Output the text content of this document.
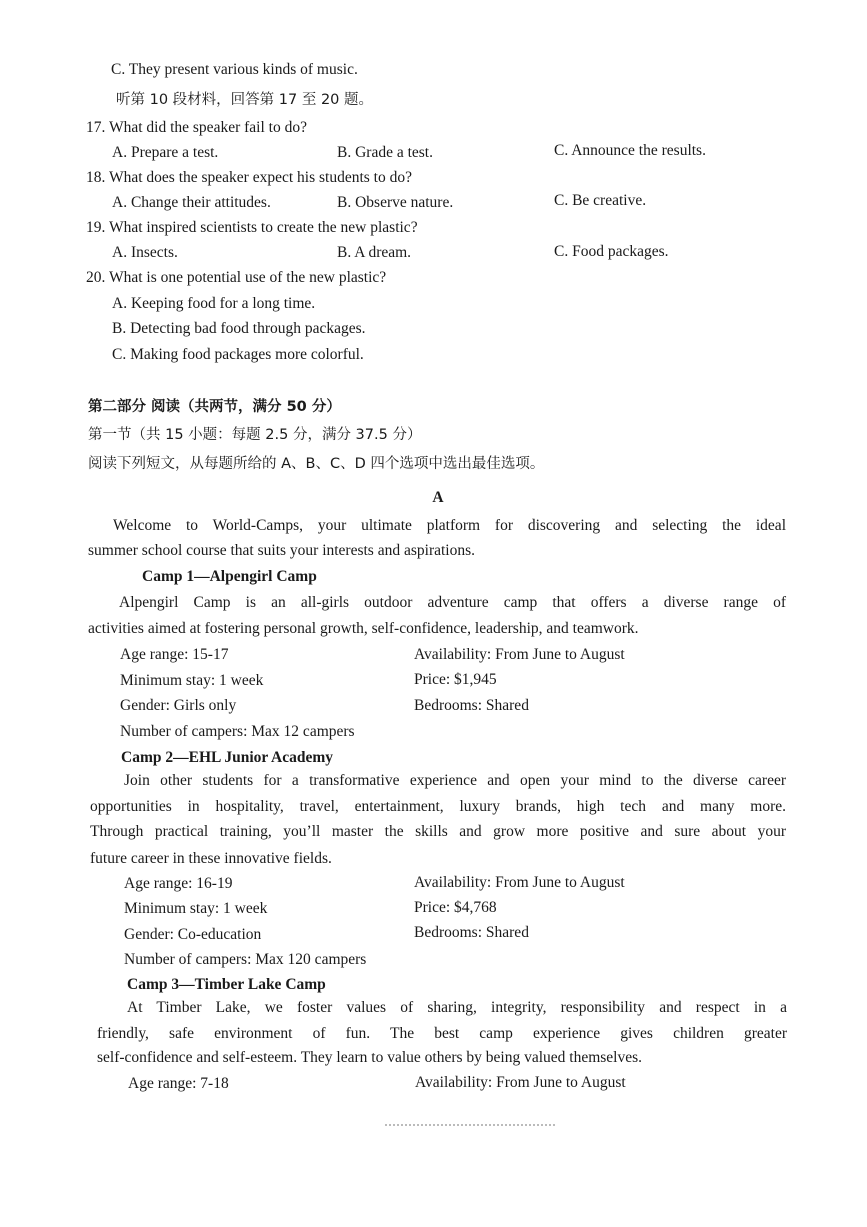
C. They present various kinds of music.
听第 10 段材料，回答第 17 至 20 题。
17. What did the speaker fail to do?
A. Prepare a test.	B. Grade a test.	C. Announce the results.
18. What does the speaker expect his students to do?
A. Change their attitudes.	B. Observe nature.	C. Be creative.
19. What inspired scientists to create the new plastic?
A. Insects.	B. A dream.	C. Food packages.
20. What is one potential use of the new plastic?
A. Keeping food for a long time.
B. Detecting bad food through packages.
C. Making food packages more colorful.
第二部分 阅读（共两节，满分 50 分）
第一节（共 15 小题：每题 2.5 分，满分 37.5 分）
阅读下列短文，从每题所给的 A、B、C、D 四个选项中选出最佳选项。
A
Welcome to World-Camps, your ultimate platform for discovering and selecting the ideal
summer school course that suits your interests and aspirations.
Camp 1—Alpengirl Camp
Alpengirl Camp is an all-girls outdoor adventure camp that offers a diverse range of
activities aimed at fostering personal growth, self-confidence, leadership, and teamwork.
Age range: 15-17	Availability: From June to August
Minimum stay: 1 week	Price: $1,945
Gender: Girls only	Bedrooms: Shared
Number of campers: Max 12 campers
Camp 2—EHL Junior Academy
Join other students for a transformative experience and open your mind to the diverse career
opportunities in hospitality, travel, entertainment, luxury brands, high tech and many more.
Through practical training, you’ll master the skills and grow more positive and sure about your
future career in these innovative fields.
Age range: 16-19	Availability: From June to August
Minimum stay: 1 week	Price: $4,768
Gender: Co-education	Bedrooms: Shared
Number of campers: Max 120 campers
Camp 3—Timber Lake Camp
At Timber Lake, we foster values of sharing, integrity, responsibility and respect in a
friendly, safe environment of fun. The best camp experience gives children greater
self-confidence and self-esteem. They learn to value others by being valued themselves.
Age range: 7-18	Availability: From June to August
